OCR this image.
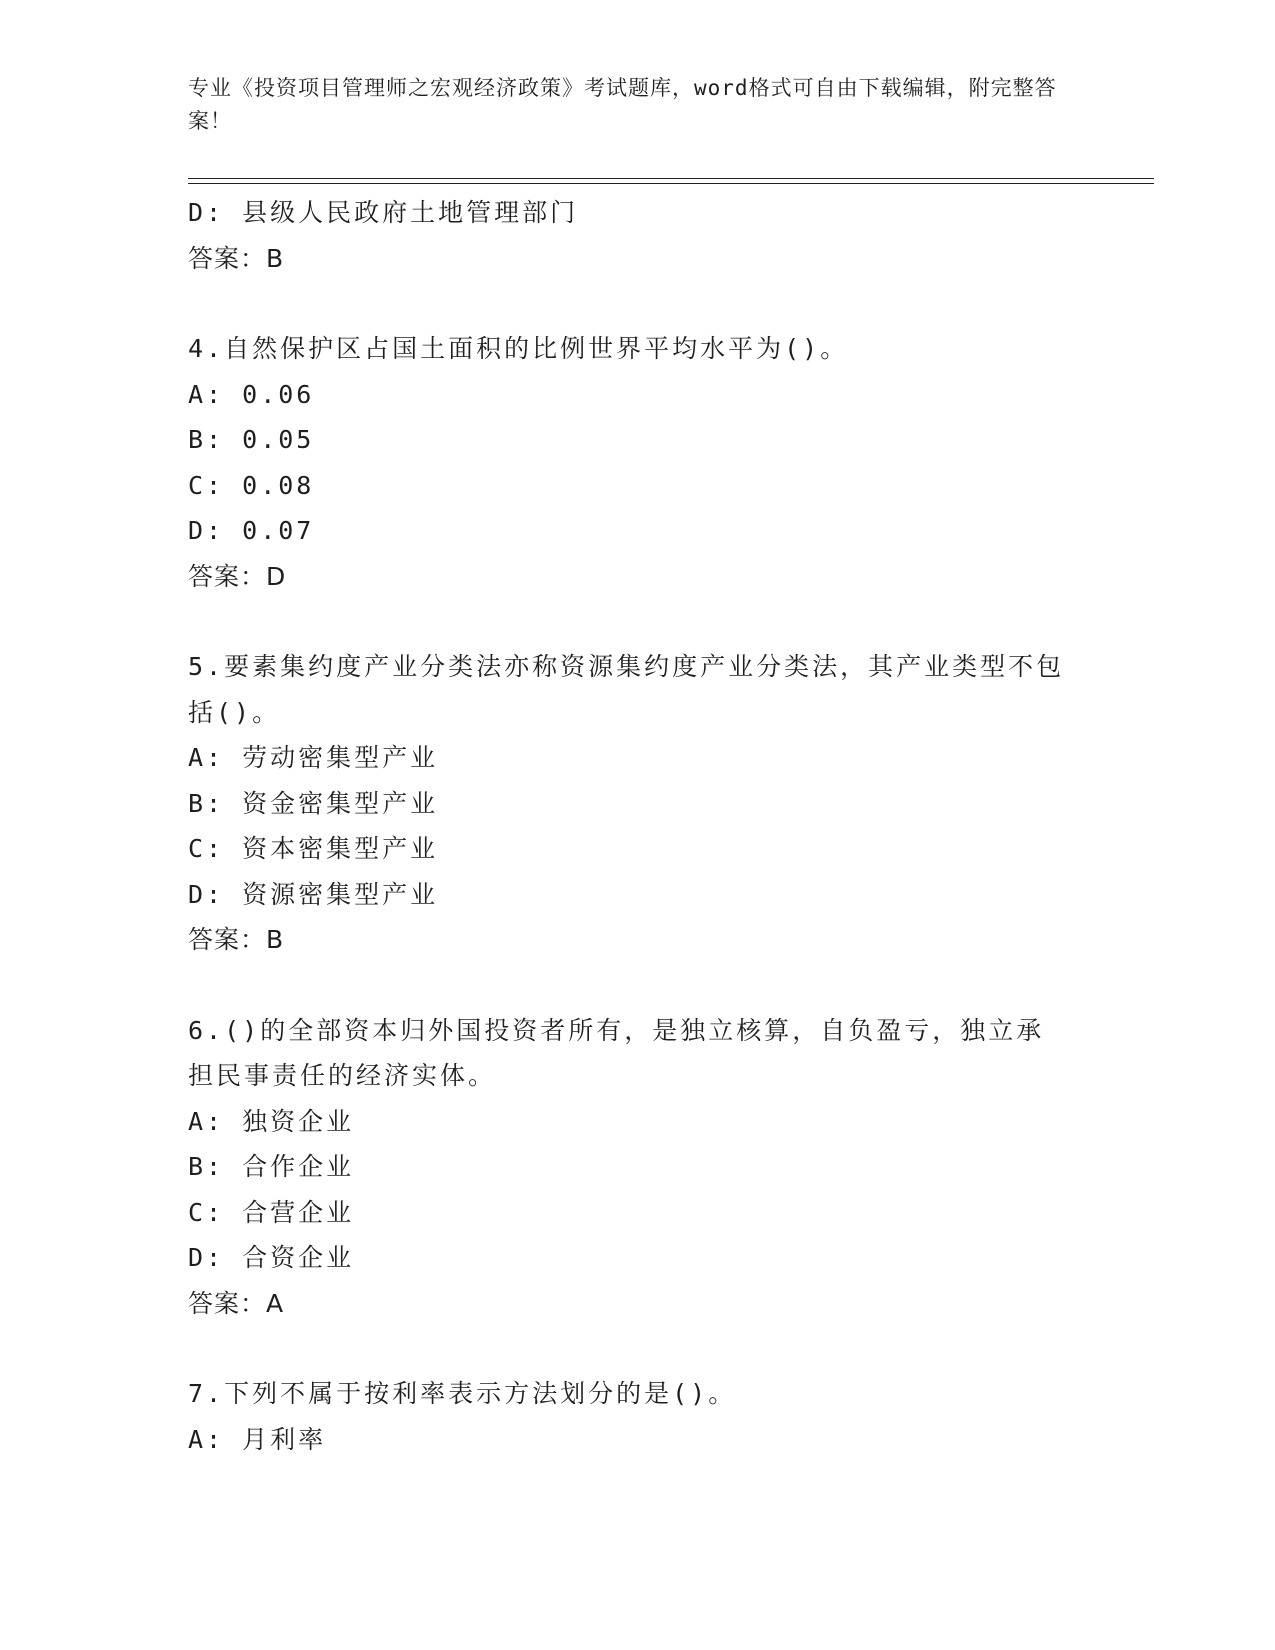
专业《投资项目管理师之宏观经济政策》考试题库，word格式可自由下载编辑，附完整答案！
D: 县级人民政府土地管理部门
答案：B
4.自然保护区占国土面积的比例世界平均水平为()。
A: 0.06
B: 0.05
C: 0.08
D: 0.07
答案：D
5.要素集约度产业分类法亦称资源集约度产业分类法，其产业类型不包括()。
A: 劳动密集型产业
B: 资金密集型产业
C: 资本密集型产业
D: 资源密集型产业
答案：B
6.()的全部资本归外国投资者所有，是独立核算，自负盈亏，独立承担民事责任的经济实体。
A: 独资企业
B: 合作企业
C: 合营企业
D: 合资企业
答案：A
7.下列不属于按利率表示方法划分的是()。
A: 月利率
